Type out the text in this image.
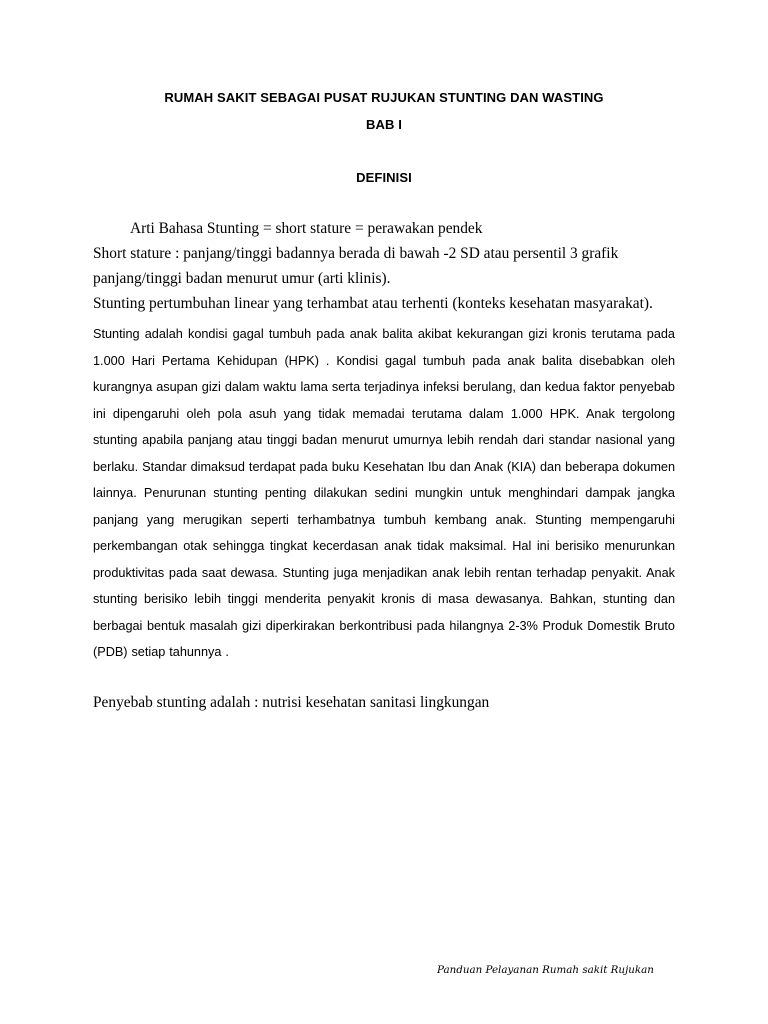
RUMAH SAKIT SEBAGAI PUSAT RUJUKAN STUNTING DAN WASTING
BAB I
DEFINISI
Arti Bahasa Stunting = short stature = perawakan pendek
Short stature : panjang/tinggi badannya berada di bawah -2 SD atau persentil 3 grafik
panjang/tinggi badan menurut umur (arti klinis).
Stunting pertumbuhan linear yang terhambat atau terhenti (konteks kesehatan masyarakat).
Stunting adalah kondisi gagal tumbuh pada anak balita akibat kekurangan gizi kronis terutama pada 1.000 Hari Pertama Kehidupan (HPK) . Kondisi gagal tumbuh pada anak balita disebabkan oleh kurangnya asupan gizi dalam waktu lama serta terjadinya infeksi berulang, dan kedua faktor penyebab ini dipengaruhi oleh pola asuh yang tidak memadai terutama dalam 1.000 HPK. Anak tergolong stunting apabila panjang atau tinggi badan menurut umurnya lebih rendah dari standar nasional yang berlaku. Standar dimaksud terdapat pada buku Kesehatan Ibu dan Anak (KIA) dan beberapa dokumen lainnya. Penurunan stunting penting dilakukan sedini mungkin untuk menghindari dampak jangka panjang yang merugikan seperti terhambatnya tumbuh kembang anak. Stunting mempengaruhi perkembangan otak sehingga tingkat kecerdasan anak tidak maksimal. Hal ini berisiko menurunkan produktivitas pada saat dewasa. Stunting juga menjadikan anak lebih rentan terhadap penyakit. Anak stunting berisiko lebih tinggi menderita penyakit kronis di masa dewasanya. Bahkan, stunting dan berbagai bentuk masalah gizi diperkirakan berkontribusi pada hilangnya 2-3% Produk Domestik Bruto (PDB) setiap tahunnya .
Penyebab stunting adalah : nutrisi kesehatan sanitasi lingkungan
Panduan Pelayanan Rumah sakit Rujukan
